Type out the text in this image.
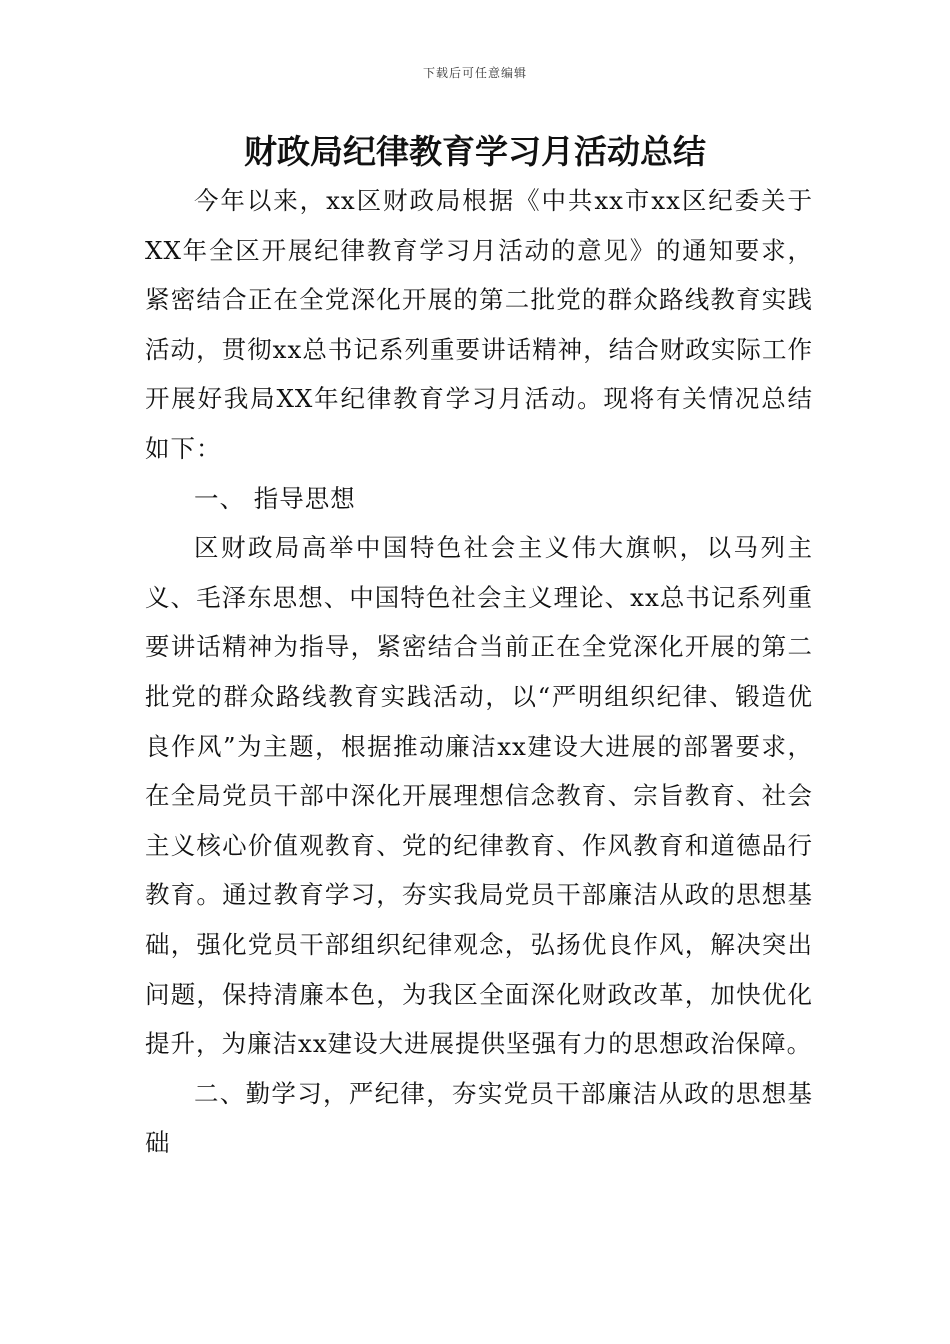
下载后可任意编辑
财政局纪律教育学习月活动总结

今年以来，xx区财政局根据《中共xx市xx区纪委关于XX年全区开展纪律教育学习月活动的意见》的通知要求，紧密结合正在全党深化开展的第二批党的群众路线教育实践活动，贯彻xx总书记系列重要讲话精神，结合财政实际工作开展好我局XX年纪律教育学习月活动。现将有关情况总结如下：

一、 指导思想

区财政局高举中国特色社会主义伟大旗帜，以马列主义、毛泽东思想、中国特色社会主义理论、xx总书记系列重要讲话精神为指导，紧密结合当前正在全党深化开展的第二批党的群众路线教育实践活动，以“严明组织纪律、锻造优良作风”为主题，根据推动廉洁xx建设大进展的部署要求，在全局党员干部中深化开展理想信念教育、宗旨教育、社会主义核心价值观教育、党的纪律教育、作风教育和道德品行教育。通过教育学习，夯实我局党员干部廉洁从政的思想基础，强化党员干部组织纪律观念，弘扬优良作风，解决突出问题，保持清廉本色，为我区全面深化财政改革，加快优化提升，为廉洁xx建设大进展提供坚强有力的思想政治保障。

二、勤学习，严纪律，夯实党员干部廉洁从政的思想基础
